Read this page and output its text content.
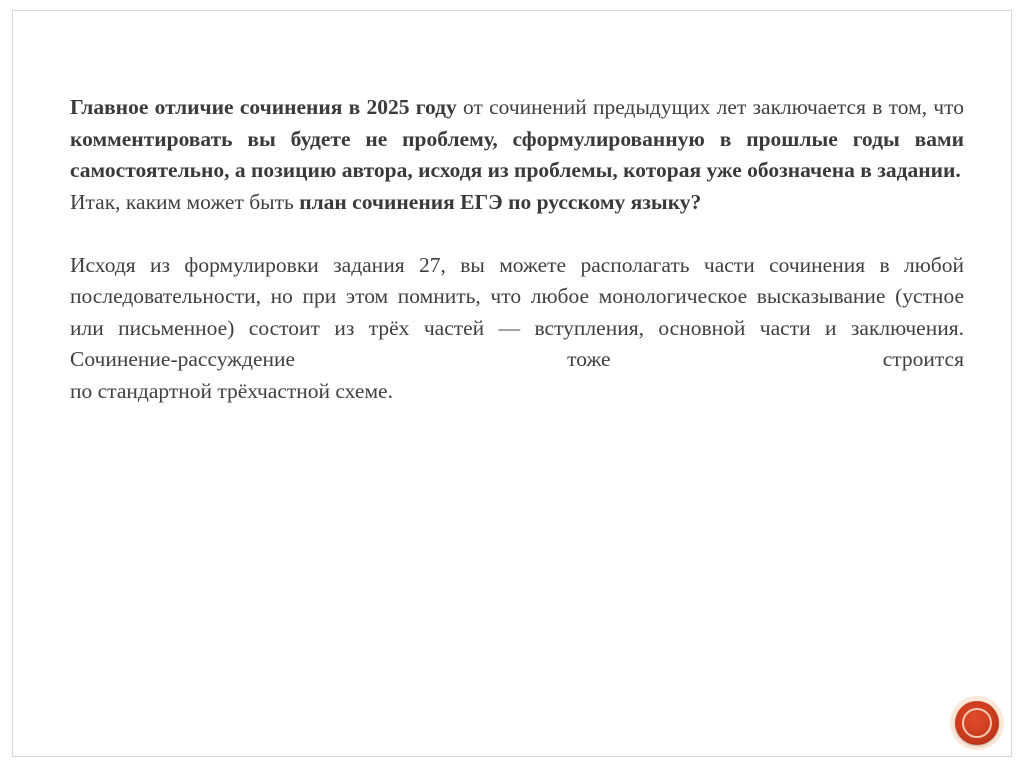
Главное отличие сочинения в 2025 году от сочинений предыдущих лет заключается в том, что комментировать вы будете не проблему, сформулированную в прошлые годы вами самостоятельно, а позицию автора, исходя из проблемы, которая уже обозначена в задании.

Итак, каким может быть план сочинения ЕГЭ по русскому языку?

Исходя из формулировки задания 27, вы можете располагать части сочинения в любой последовательности, но при этом помнить, что любое монологическое высказывание (устное или письменное) состоит из трёх частей — вступления, основной части и заключения. Сочинение-рассуждение тоже строится

по стандартной трёхчастной схеме.
